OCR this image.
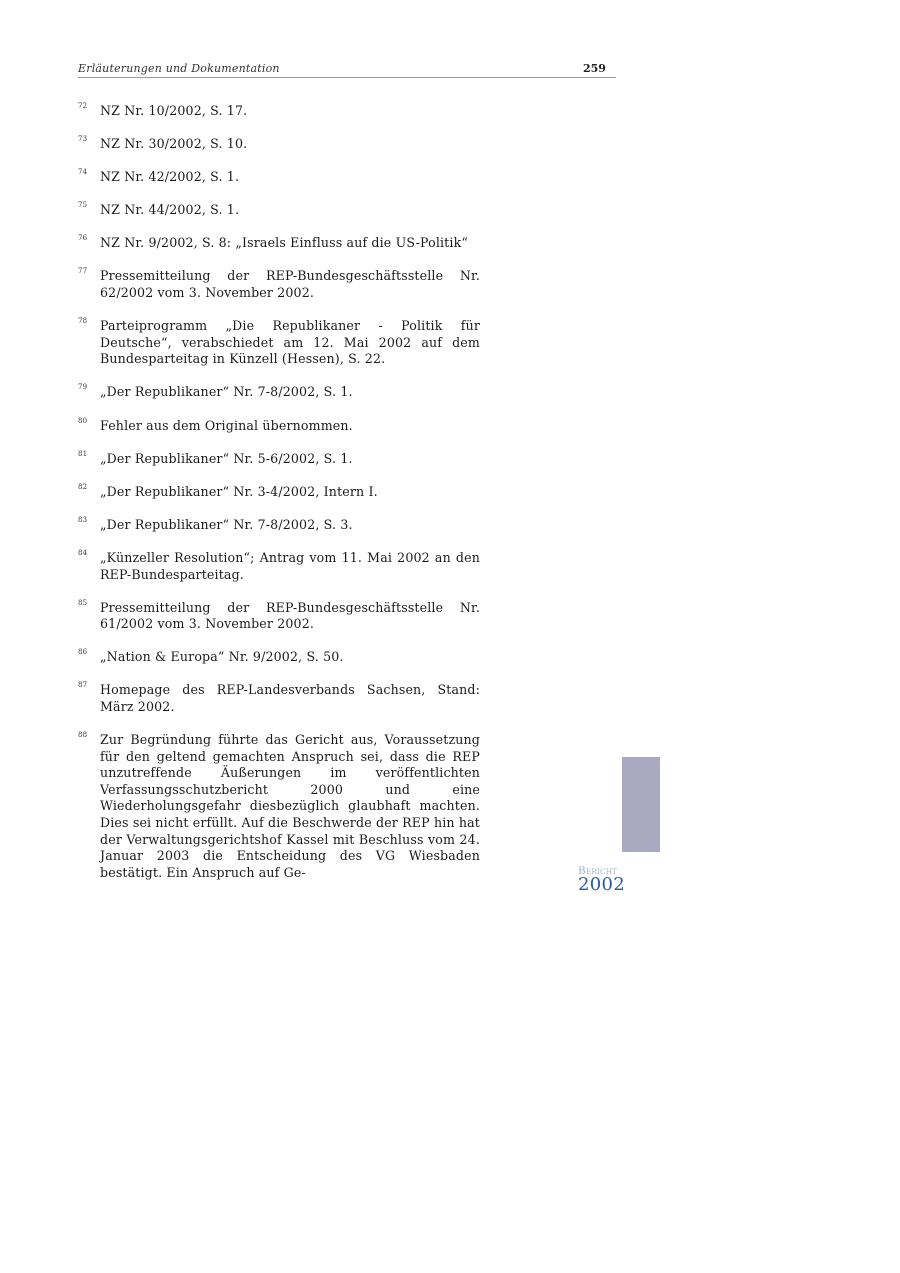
Erläuterungen und Dokumentation	259
72 NZ Nr. 10/2002, S. 17.
73 NZ Nr. 30/2002, S. 10.
74 NZ Nr. 42/2002, S. 1.
75 NZ Nr. 44/2002, S. 1.
76 NZ Nr. 9/2002, S. 8: „Israels Einfluss auf die US-Politik“
77 Pressemitteilung der REP-Bundesgeschäftsstelle Nr. 62/2002 vom 3. November 2002.
78 Parteiprogramm „Die Republikaner - Politik für Deutsche“, verabschiedet am 12. Mai 2002 auf dem Bundesparteitag in Künzell (Hessen), S. 22.
79 „Der Republikaner“ Nr. 7-8/2002, S. 1.
80 Fehler aus dem Original übernommen.
81 „Der Republikaner“ Nr. 5-6/2002, S. 1.
82 „Der Republikaner“ Nr. 3-4/2002, Intern I.
83 „Der Republikaner“ Nr. 7-8/2002, S. 3.
84 „Künzeller Resolution“; Antrag vom 11. Mai 2002 an den REP-Bundesparteitag.
85 Pressemitteilung der REP-Bundesgeschäftsstelle Nr. 61/2002 vom 3. November 2002.
86 „Nation & Europa“ Nr. 9/2002, S. 50.
87 Homepage des REP-Landesverbands Sachsen, Stand: März 2002.
88 Zur Begründung führte das Gericht aus, Voraussetzung für den geltend gemachten Anspruch sei, dass die REP unzutreffende Äußerungen im veröffentlichten Verfassungsschutzbericht 2000 und eine Wiederholungsgefahr diesbezüglich glaubhaft machten. Dies sei nicht erfüllt. Auf die Beschwerde der REP hin hat der Verwaltungsgerichtshof Kassel mit Beschluss vom 24. Januar 2003 die Entscheidung des VG Wiesbaden bestätigt. Ein Anspruch auf Ge-	Bericht
2002
